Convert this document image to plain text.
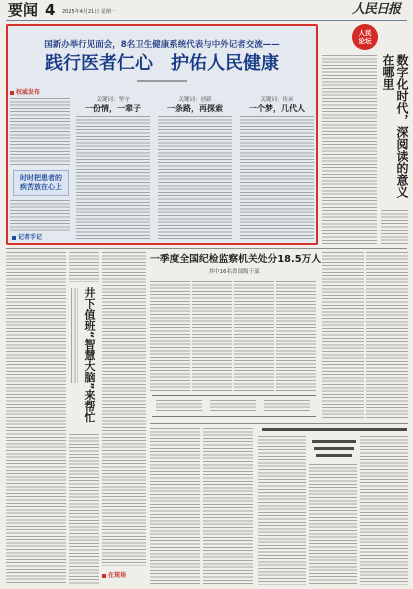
要闻 4 2025年4月21日 星期一	人民日报
国新办举行见面会，8名卫生健康系统代表与中外记者交流——
践行医者仁心　护佑人民健康
权威发布
时时把患者的疾苦放在心上
记者手记
关键词：坚守
一份情，一辈子
关键词：创新
一条路，再探索
关键词：传承
一个梦，几代人
人民论坛
数字化时代，深阅读的意义在哪里
井下值班“智慧大脑”来帮忙
在现场
一季度全国纪检监察机关处分18.5万人
其中16名省部级干部
